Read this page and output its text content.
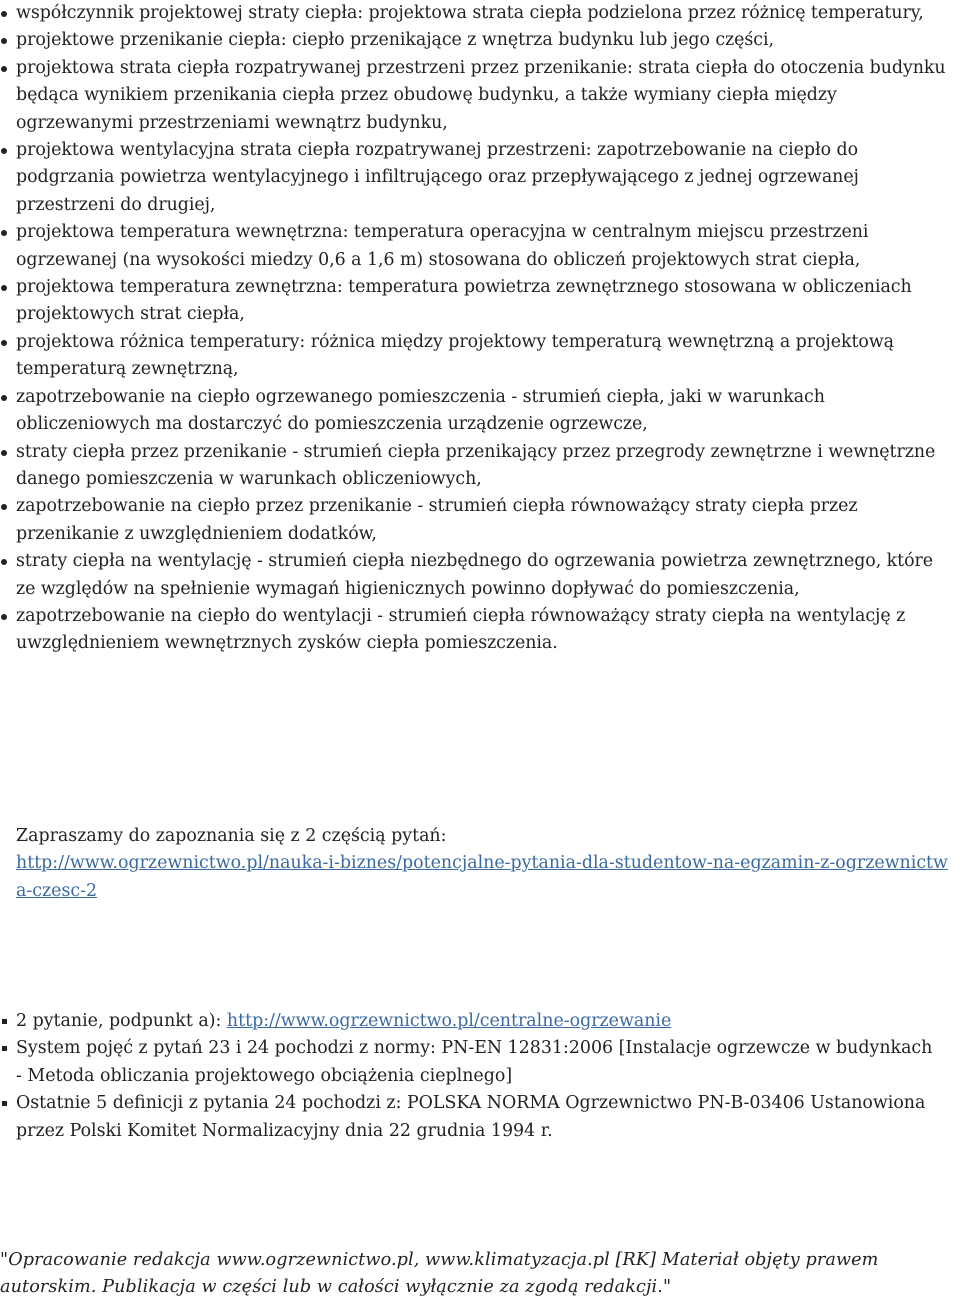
współczynnik projektowej straty ciepła: projektowa strata ciepła podzielona przez różnicę temperatury,
projektowe przenikanie ciepła: ciepło przenikające z wnętrza budynku lub jego części,
projektowa strata ciepła rozpatrywanej przestrzeni przez przenikanie: strata ciepła do otoczenia budynku będąca wynikiem przenikania ciepła przez obudowę budynku, a także wymiany ciepła między ogrzewanymi przestrzeniami wewnątrz budynku,
projektowa wentylacyjna strata ciepła rozpatrywanej przestrzeni: zapotrzebowanie na ciepło do podgrzania powietrza wentylacyjnego i infiltrującego oraz przepływającego z jednej ogrzewanej przestrzeni do drugiej,
projektowa temperatura wewnętrzna: temperatura operacyjna w centralnym miejscu przestrzeni ogrzewanej (na wysokości miedzy 0,6 a 1,6 m) stosowana do obliczeń projektowych strat ciepła,
projektowa temperatura zewnętrzna: temperatura powietrza zewnętrznego stosowana w obliczeniach projektowych strat ciepła,
projektowa różnica temperatury: różnica między projektowy temperaturą wewnętrzną a projektową temperaturą zewnętrzną,
zapotrzebowanie na ciepło ogrzewanego pomieszczenia - strumień ciepła, jaki w warunkach obliczeniowych ma dostarczyć do pomieszczenia urządzenie ogrzewcze,
straty ciepła przez przenikanie - strumień ciepła przenikający przez przegrody zewnętrzne i wewnętrzne danego pomieszczenia w warunkach obliczeniowych,
zapotrzebowanie na ciepło przez przenikanie - strumień ciepła równoważący straty ciepła przez przenikanie z uwzględnieniem dodatków,
straty ciepła na wentylację - strumień ciepła niezbędnego do ogrzewania powietrza zewnętrznego, które ze względów na spełnienie wymagań higienicznych powinno dopływać do pomieszczenia,
zapotrzebowanie na ciepło do wentylacji - strumień ciepła równoważący straty ciepła na wentylację z uwzględnieniem wewnętrznych zysków ciepła pomieszczenia.
Zapraszamy do zapoznania się z 2 częścią pytań:
http://www.ogrzewnictwo.pl/nauka-i-biznes/potencjalne-pytania-dla-studentow-na-egzamin-z-ogrzewnictwa-czesc-2
2 pytanie, podpunkt a): http://www.ogrzewnictwo.pl/centralne-ogrzewanie
System pojęć z pytań 23 i 24 pochodzi z normy: PN-EN 12831:2006 [Instalacje ogrzewcze w budynkach - Metoda obliczania projektowego obciążenia cieplnego]
Ostatnie 5 definicji z pytania 24 pochodzi z: POLSKA NORMA Ogrzewnictwo PN-B-03406 Ustanowiona przez Polski Komitet Normalizacyjny dnia 22 grudnia 1994 r.
"Opracowanie redakcja www.ogrzewnictwo.pl, www.klimatyzacja.pl [RK] Materiał objęty prawem autorskim. Publikacja w części lub w całości wyłącznie za zgodą redakcji."
